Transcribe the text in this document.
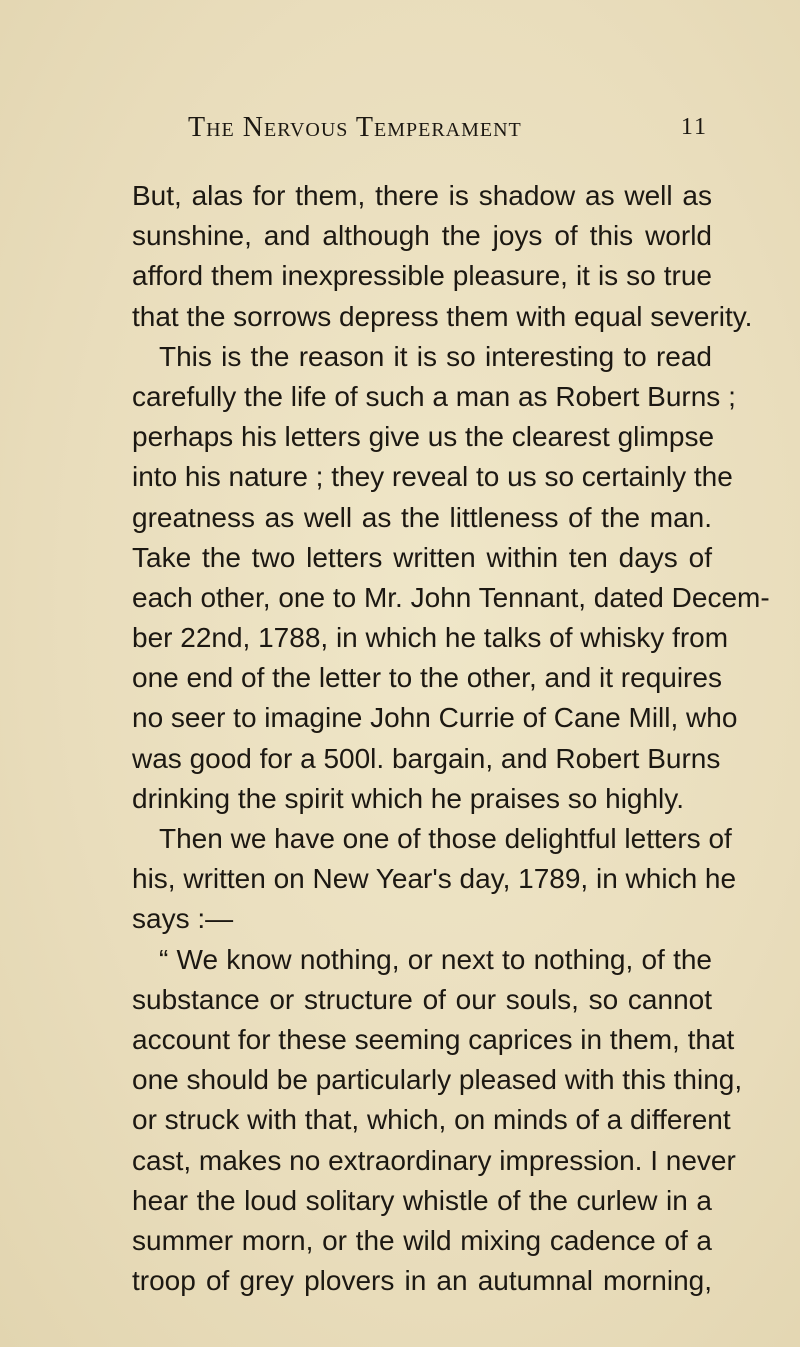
The Nervous Temperament	11
But, alas for them, there is shadow as well as
sunshine, and although the joys of this world
afford them inexpressible pleasure, it is so true
that the sorrows depress them with equal severity.
This is the reason it is so interesting to read
carefully the life of such a man as Robert Burns ;
perhaps his letters give us the clearest glimpse
into his nature ; they reveal to us so certainly the
greatness as well as the littleness of the man.
Take the two letters written within ten days of
each other, one to Mr. John Tennant, dated Decem-
ber 22nd, 1788, in which he talks of whisky from
one end of the letter to the other, and it requires
no seer to imagine John Currie of Cane Mill, who
was good for a 500l. bargain, and Robert Burns
drinking the spirit which he praises so highly.
Then we have one of those delightful letters of
his, written on New Year's day, 1789, in which he
says :—
“ We know nothing, or next to nothing, of the
substance or structure of our souls, so cannot
account for these seeming caprices in them, that
one should be particularly pleased with this thing,
or struck with that, which, on minds of a different
cast, makes no extraordinary impression. I never
hear the loud solitary whistle of the curlew in a
summer morn, or the wild mixing cadence of a
troop of grey plovers in an autumnal morning,
